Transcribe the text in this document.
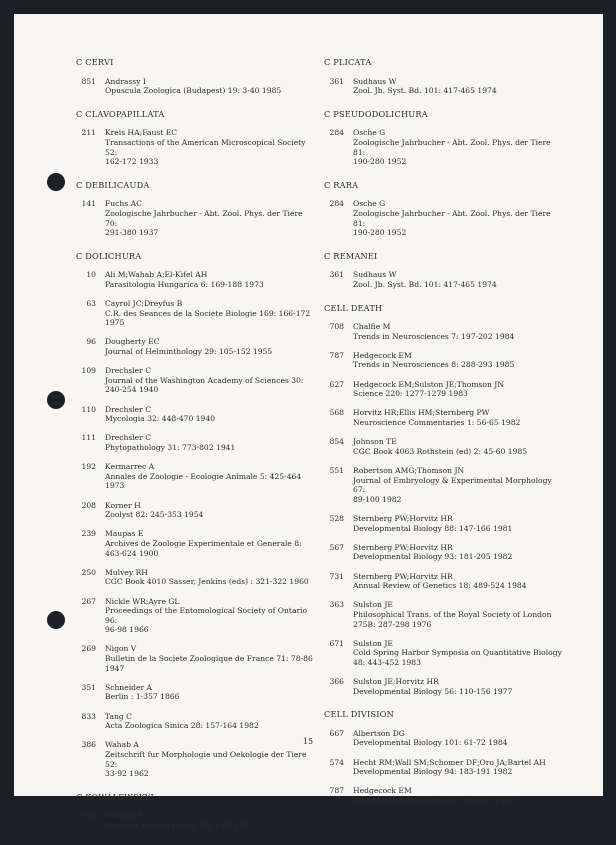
C CERVI
851 Andrassy I
Opuscula Zoologica (Budapest) 19: 3-40 1985
C CLAVOPAPILLATA
211 Kreis HA;Faust EC
Transactions of the American Microscopical Society 52:
162-172 1933
C DEBILICAUDA
141 Fuchs AC
Zoologische Jahrbucher - Abt. Zool. Phys. der Tiere 70:
291-380 1937
C DOLICHURA
10 Ali M;Wahab A;El-Kifel AH
Parasitologia Hungarica 6: 169-188 1973
63 Cayrol JC;Dreyfus B
C.R. des Seances de la Societe Biologie 169: 166-172
1975
96 Dougherty EC
Journal of Helminthology 29: 105-152 1955
109 Drechsler C
Journal of the Washington Academy of Sciences 30:
240-254 1940
110 Drechsler C
Mycologia 32: 448-470 1940
111 Drechsler C
Phytopathology 31: 773-802 1941
192 Kermarrec A
Annales de Zoologie - Ecologie Animale 5: 425-464 1973
208 Korner H
Zoolyst 82: 245-353 1954
239 Maupas E
Archives de Zoologie Experimentale et Generale 8:
463-624 1900
250 Mulvey RH
CGC Book 4010 Sasser, Jenkins (eds) : 321-322 1960
267 Nickle WR;Ayre GL
Proceedings of the Entomological Society of Ontario 96:
96-98 1966
269 Nigon V
Bulletin de la Societe Zoologique de France 71: 78-86
1947
351 Schneider A
Berlin : 1-357 1866
833 Tang C
Acta Zoologica Sinica 28: 157-164 1982
386 Wahab A
Zeitschrift fur Morphologie und Oekologie der Tiere 52:
33-92 1962
C KOWALEWSKYI
147 Golovin E
Uchenye Zapiski Kazan. 68: 1-50 1901
C PLICATA
361 Sudhaus W
Zool. Jb. Syst. Bd. 101: 417-465 1974
C PSEUDODOLICHURA
284 Osche G
Zoologische Jahrbucher - Abt. Zool. Phys. der Tiere 81:
190-280 1952
C RARA
284 Osche G
Zoologische Jahrbucher - Abt. Zool. Phys. der Tiere 81:
190-280 1952
C REMANEI
361 Sudhaus W
Zool. Jb. Syst. Bd. 101: 417-465 1974
CELL DEATH
708 Chalfie M
Trends in Neurosciences 7: 197-202 1984
787 Hedgecock EM
Trends in Neurosciences 8: 288-293 1985
627 Hedgecock EM;Sulston JE;Thomson JN
Science 220: 1277-1279 1983
568 Horvitz HR;Ellis HM;Sternberg PW
Neuroscience Commentaries 1: 56-65 1982
854 Johnson TE
CGC Book 4063 Rothstein (ed) 2: 45-60 1985
551 Robertson AMG;Thomson JN
Journal of Embryology & Experimental Morphology 67:
89-100 1982
528 Sternberg PW;Horvitz HR
Developmental Biology 88: 147-166 1981
567 Sternberg PW;Horvitz HR
Developmental Biology 93: 181-205 1982
731 Sternberg PW;Horvitz HR
Annual Review of Genetics 18: 489-524 1984
363 Sulston JE
Philosophical Trans. of the Royal Society of London
275B: 287-298 1976
671 Sulston JE
Cold Spring Harbor Symposia on Quantitative Biology
48: 443-452 1983
366 Sulston JE;Horvitz HR
Developmental Biology 56: 110-156 1977
CELL DIVISION
667 Albertson DG
Developmental Biology 101: 61-72 1984
574 Hecht RM;Wall SM;Schomer DF;Oro JA;Bartel AH
Developmental Biology 94: 183-191 1982
787 Hedgecock EM
Trends in Neurosciences 8: 288-293 1985
15
